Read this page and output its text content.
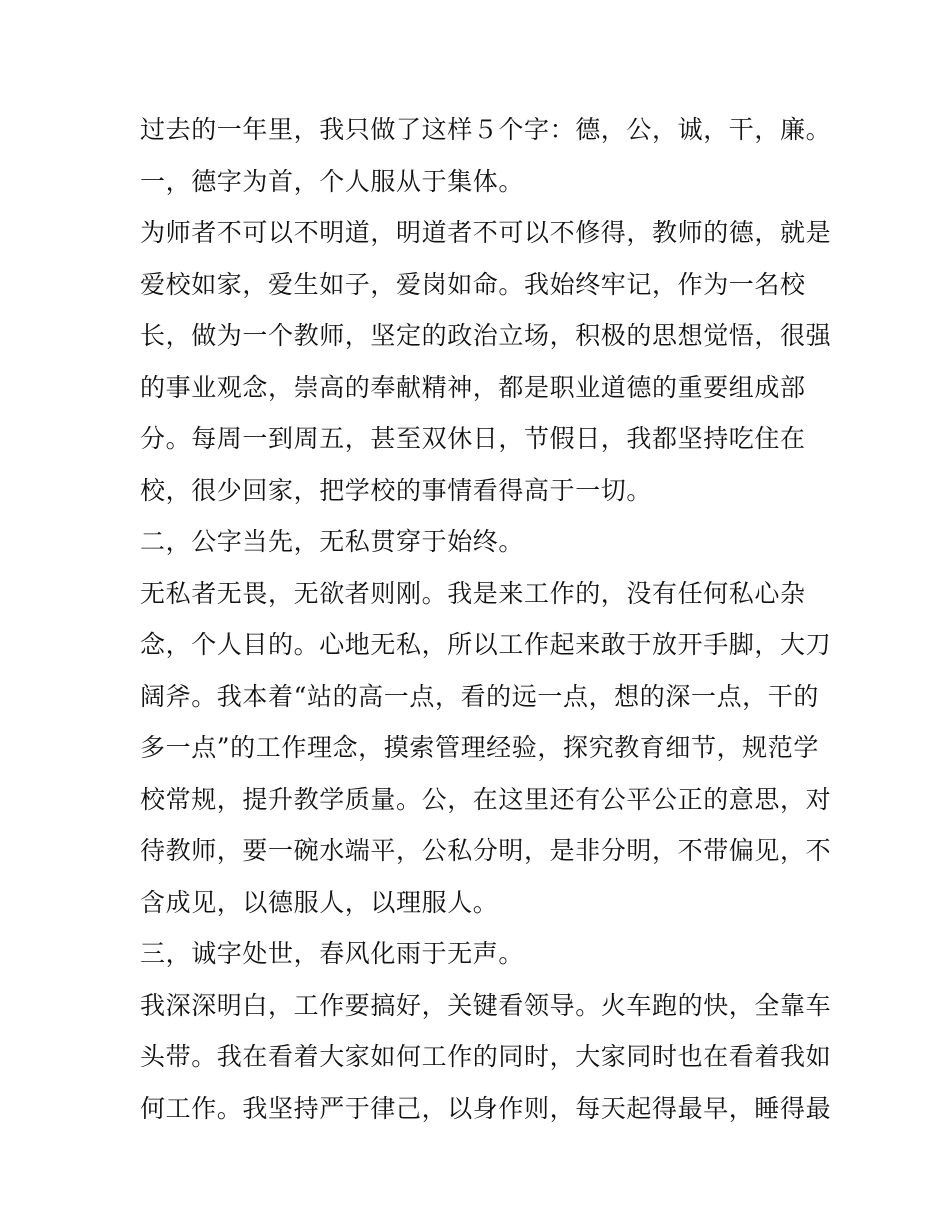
过去的一年里，我只做了这样５个字：德，公，诚，干，廉。
一，德字为首，个人服从于集体。
为师者不可以不明道，明道者不可以不修得，教师的德，就是
爱校如家，爱生如子，爱岗如命。我始终牢记，作为一名校
长，做为一个教师，坚定的政治立场，积极的思想觉悟，很强
的事业观念，崇高的奉献精神，都是职业道德的重要组成部
分。每周一到周五，甚至双休日，节假日，我都坚持吃住在
校，很少回家，把学校的事情看得高于一切。
二，公字当先，无私贯穿于始终。
无私者无畏，无欲者则刚。我是来工作的，没有任何私心杂
念，个人目的。心地无私，所以工作起来敢于放开手脚，大刀
阔斧。我本着“站的高一点，看的远一点，想的深一点，干的
多一点”的工作理念，摸索管理经验，探究教育细节，规范学
校常规，提升教学质量。公，在这里还有公平公正的意思，对
待教师，要一碗水端平，公私分明，是非分明，不带偏见，不
含成见，以德服人，以理服人。
三，诚字处世，春风化雨于无声。
我深深明白，工作要搞好，关键看领导。火车跑的快，全靠车
头带。我在看着大家如何工作的同时，大家同时也在看着我如
何工作。我坚持严于律己，以身作则，每天起得最早，睡得最
